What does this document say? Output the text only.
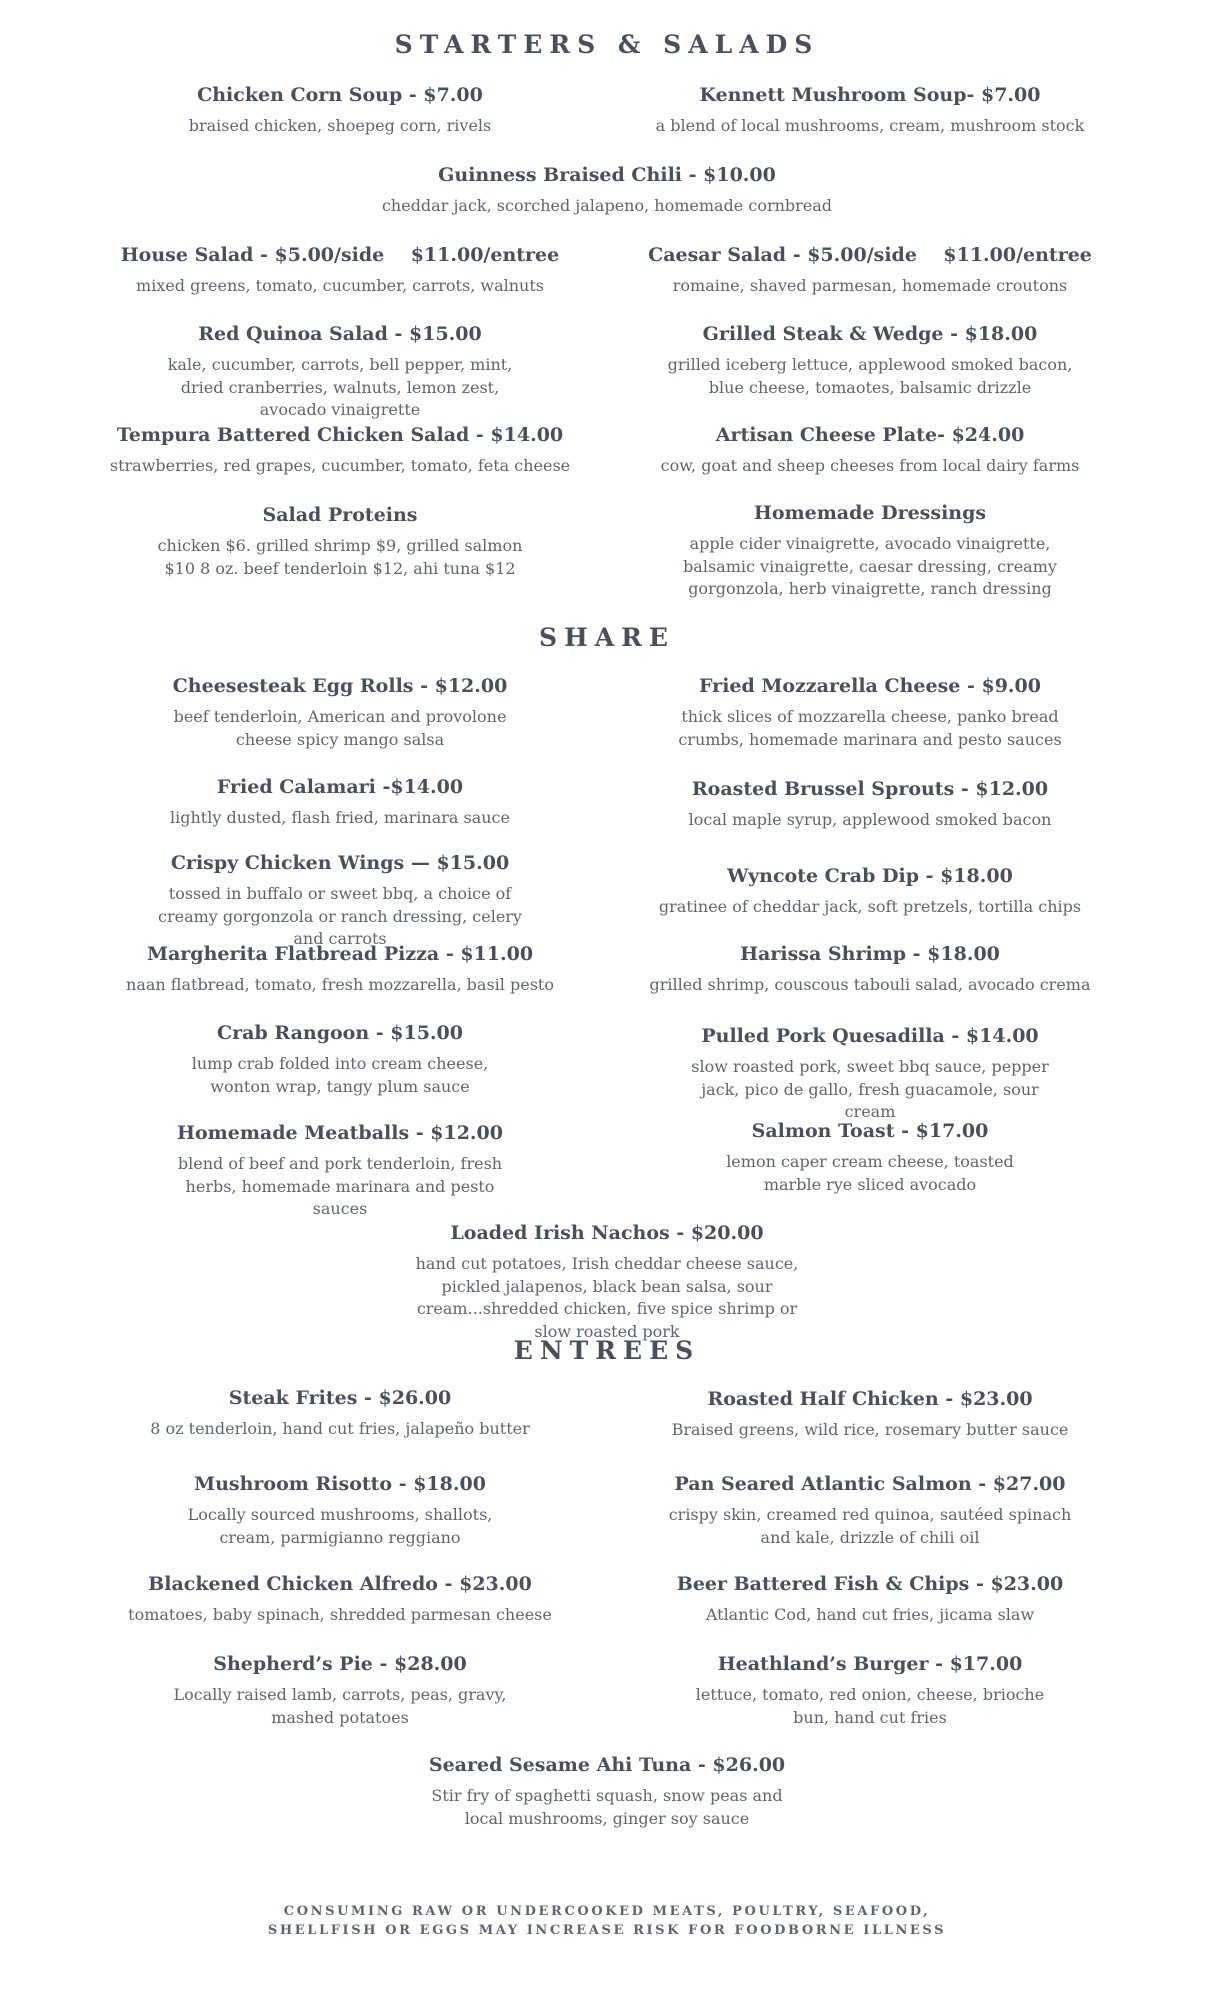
STARTERS & SALADS
Chicken Corn Soup - $7.00
braised chicken, shoepeg corn, rivels
Kennett Mushroom Soup- $7.00
a blend of local mushrooms, cream, mushroom stock
Guinness Braised Chili - $10.00
cheddar jack, scorched jalapeno, homemade cornbread
House Salad - $5.00/side    $11.00/entree
mixed greens, tomato, cucumber, carrots, walnuts
Caesar Salad - $5.00/side    $11.00/entree
romaine, shaved parmesan, homemade croutons
Red Quinoa Salad - $15.00
kale, cucumber, carrots, bell pepper, mint, dried cranberries, walnuts, lemon zest, avocado vinaigrette
Grilled Steak & Wedge - $18.00
grilled iceberg lettuce, applewood smoked bacon, blue cheese, tomaotes, balsamic drizzle
Tempura Battered Chicken Salad - $14.00
strawberries, red grapes, cucumber, tomato, feta cheese
Artisan Cheese Plate- $24.00
cow, goat and sheep cheeses from local dairy farms
Salad Proteins
chicken $6. grilled shrimp $9, grilled salmon $10 8 oz. beef tenderloin $12, ahi tuna $12
Homemade Dressings
apple cider vinaigrette, avocado vinaigrette, balsamic vinaigrette, caesar dressing, creamy gorgonzola, herb vinaigrette, ranch dressing
SHARE
Cheesesteak Egg Rolls - $12.00
beef tenderloin, American and provolone cheese spicy mango salsa
Fried Mozzarella Cheese - $9.00
thick slices of mozzarella cheese, panko bread crumbs, homemade marinara and pesto sauces
Fried Calamari -$14.00
lightly dusted, flash fried, marinara sauce
Roasted Brussel Sprouts - $12.00
local maple syrup, applewood smoked bacon
Crispy Chicken Wings — $15.00
tossed in buffalo or sweet bbq, a choice of creamy gorgonzola or ranch dressing, celery and carrots
Wyncote Crab Dip - $18.00
gratinee of cheddar jack, soft pretzels, tortilla chips
Margherita Flatbread Pizza - $11.00
naan flatbread, tomato, fresh mozzarella, basil pesto
Harissa Shrimp - $18.00
grilled shrimp, couscous tabouli salad, avocado crema
Crab Rangoon - $15.00
lump crab folded into cream cheese, wonton wrap, tangy plum sauce
Pulled Pork Quesadilla - $14.00
slow roasted pork, sweet bbq sauce, pepper jack, pico de gallo, fresh guacamole, sour cream
Homemade Meatballs - $12.00
blend of beef and pork tenderloin, fresh herbs, homemade marinara and pesto sauces
Salmon Toast - $17.00
lemon caper cream cheese, toasted marble rye sliced avocado
Loaded Irish Nachos - $20.00
hand cut potatoes, Irish cheddar cheese sauce, pickled jalapenos, black bean salsa, sour cream...shredded chicken, five spice shrimp or slow roasted pork
ENTREES
Steak Frites - $26.00
8 oz tenderloin, hand cut fries, jalapeño butter
Roasted Half Chicken - $23.00
Braised greens, wild rice, rosemary butter sauce
Mushroom Risotto - $18.00
Locally sourced mushrooms, shallots, cream, parmigianno reggiano
Pan Seared Atlantic Salmon - $27.00
crispy skin, creamed red quinoa, sautéed spinach and kale, drizzle of chili oil
Blackened Chicken Alfredo - $23.00
tomatoes, baby spinach, shredded parmesan cheese
Beer Battered Fish & Chips - $23.00
Atlantic Cod, hand cut fries, jicama slaw
Shepherd’s Pie - $28.00
Locally raised lamb, carrots, peas, gravy, mashed potatoes
Heathland’s Burger - $17.00
lettuce, tomato, red onion, cheese, brioche bun, hand cut fries
Seared Sesame Ahi Tuna - $26.00
Stir fry of spaghetti squash, snow peas and local mushrooms, ginger soy sauce
CONSUMING RAW OR UNDERCOOKED MEATS, POULTRY, SEAFOOD,
SHELLFISH OR EGGS MAY INCREASE RISK FOR FOODBORNE ILLNESS
